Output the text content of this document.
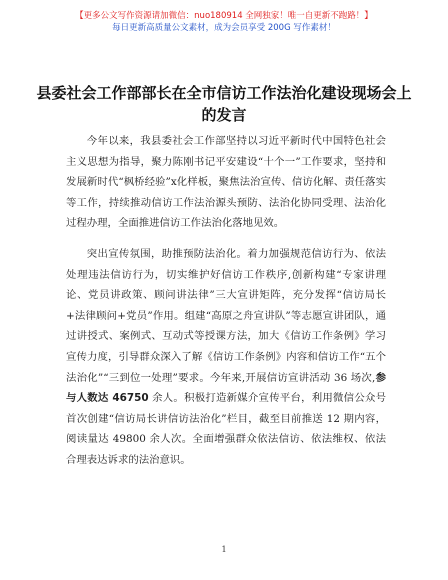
【更多公文写作资源请加微信：nuo180914 全网独家！唯一自更新不跑路！】
每日更新高质量公文素材，成为会员享受 200G 写作素材！
县委社会工作部部长在全市信访工作法治化建设现场会上的发言

今年以来，我县委社会工作部坚持以习近平新时代中国特色社会主义思想为指导，聚力陈刚书记平安建设“十个一”工作要求，坚持和发展新时代“枫桥经验”x化样板，聚焦法治宣传、信访化解、责任落实等工作，持续推动信访工作法治源头预防、法治化协同受理、法治化过程办理，全面推进信访工作法治化落地见效。

突出宣传氛围，助推预防法治化。着力加强规范信访行为、依法处理违法信访行为，切实维护好信访工作秩序,创新构建“专家讲理论、党员讲政策、顾问讲法律”三大宣讲矩阵，充分发挥“信访局长+法律顾问+党员”作用。组建“高原之舟宣讲队”等志愿宣讲团队，通过讲授式、案例式、互动式等授课方法，加大《信访工作条例》学习宣传力度，引导群众深入了解《信访工作条例》内容和信访工作“五个法治化”“三到位一处理”要求。今年来,开展信访宣讲活动 36 场次,参与人数达 46750 余人。积极打造新媒介宣传平台，利用微信公众号首次创建“信访局长讲信访法治化”栏目，截至目前推送 12 期内容，阅读量达 49800 余人次。全面增强群众依法信访、依法维权、依法合理表达诉求的法治意识。

1
